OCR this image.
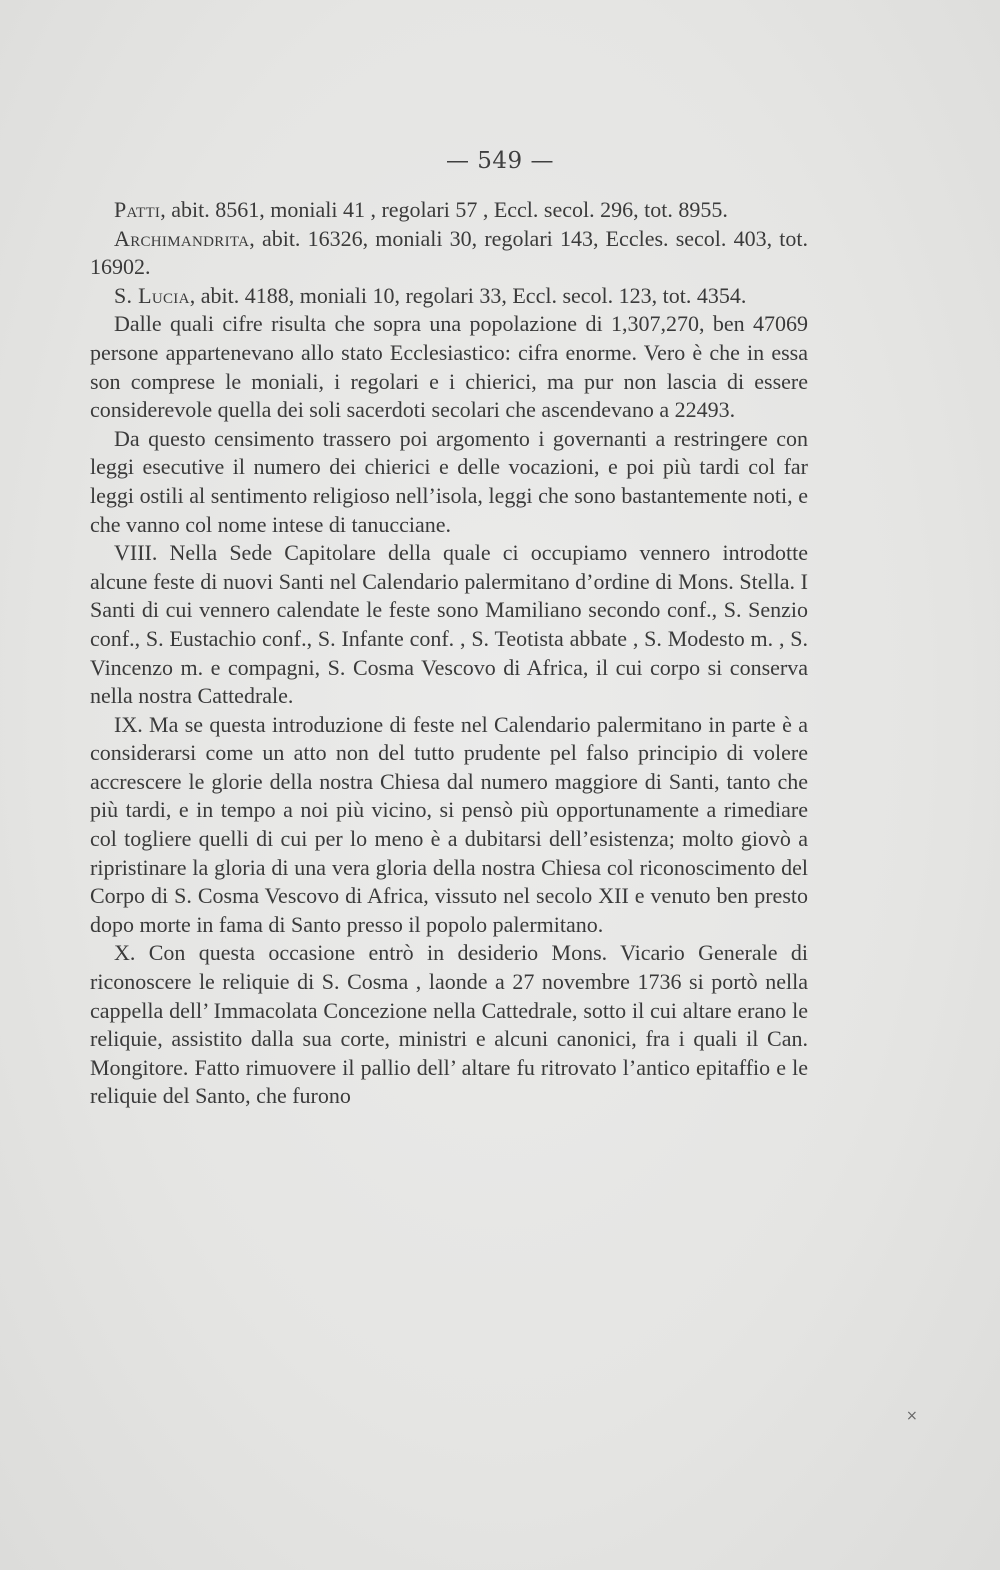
— 549 —

Patti, abit. 8561, moniali 41 , regolari 57 , Eccl. secol. 296, tot. 8955.

Archimandrita, abit. 16326, moniali 30, regolari 143, Eccles. secol. 403, tot. 16902.

S. Lucia, abit. 4188, moniali 10, regolari 33, Eccl. secol. 123, tot. 4354.

Dalle quali cifre risulta che sopra una popolazione di 1,307,270, ben 47069 persone appartenevano allo stato Ecclesiastico: cifra enorme. Vero è che in essa son comprese le moniali, i regolari e i chierici, ma pur non lascia di essere considerevole quella dei soli sacerdoti secolari che ascendevano a 22493.

Da questo censimento trassero poi argomento i governanti a restringere con leggi esecutive il numero dei chierici e delle vocazioni, e poi più tardi col far leggi ostili al sentimento religioso nell’isola, leggi che sono bastantemente noti, e che vanno col nome intese di tanucciane.

VIII. Nella Sede Capitolare della quale ci occupiamo vennero introdotte alcune feste di nuovi Santi nel Calendario palermitano d’ordine di Mons. Stella. I Santi di cui vennero calendate le feste sono Mamiliano secondo conf., S. Senzio conf., S. Eustachio conf., S. Infante conf. , S. Teotista abbate , S. Modesto m. , S. Vincenzo m. e compagni, S. Cosma Vescovo di Africa, il cui corpo si conserva nella nostra Cattedrale.

IX. Ma se questa introduzione di feste nel Calendario palermitano in parte è a considerarsi come un atto non del tutto prudente pel falso principio di volere accrescere le glorie della nostra Chiesa dal numero maggiore di Santi, tanto che più tardi, e in tempo a noi più vicino, si pensò più opportunamente a rimediare col togliere quelli di cui per lo meno è a dubitarsi dell’esistenza; molto giovò a ripristinare la gloria di una vera gloria della nostra Chiesa col riconoscimento del Corpo di S. Cosma Vescovo di Africa, vissuto nel secolo XII e venuto ben presto dopo morte in fama di Santo presso il popolo palermitano.

X. Con questa occasione entrò in desiderio Mons. Vicario Generale di riconoscere le reliquie di S. Cosma , laonde a 27 novembre 1736 si portò nella cappella dell’ Immacolata Concezione nella Cattedrale, sotto il cui altare erano le reliquie, assistito dalla sua corte, ministri e alcuni canonici, fra i quali il Can. Mongitore. Fatto rimuovere il pallio dell’ altare fu ritrovato l’antico epitaffio e le reliquie del Santo, che furono

×
